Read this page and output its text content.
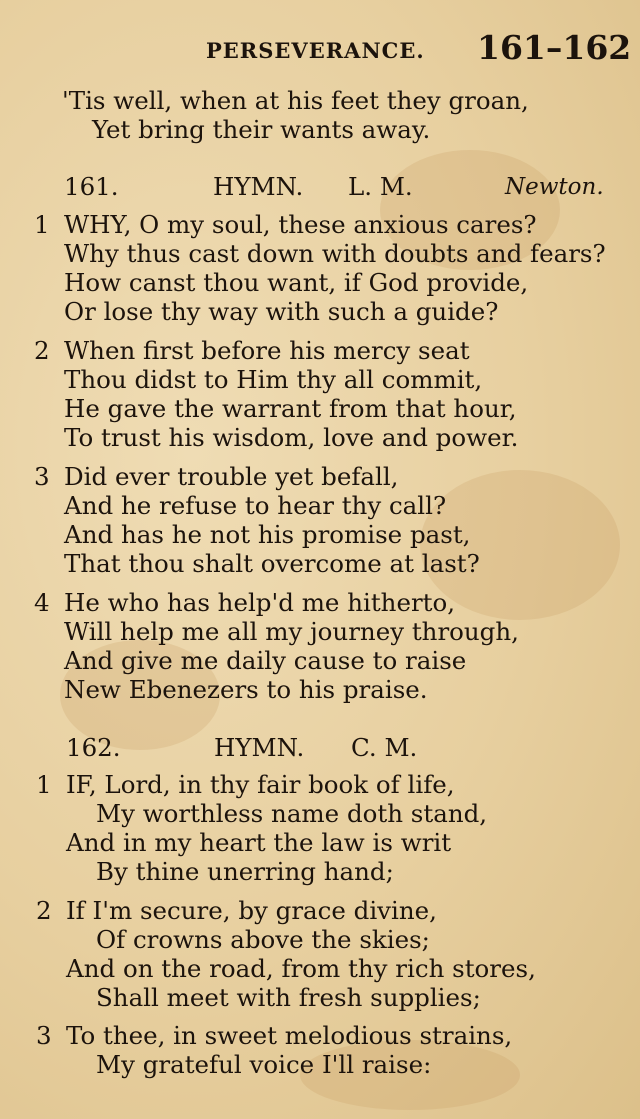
PERSEVERANCE. 161–162
'Tis well, when at his feet they groan,
Yet bring their wants away.
161.	HYMN. L. M.	Newton.
1 WHY, O my soul, these anxious cares?
Why thus cast down with doubts and fears?
How canst thou want, if God provide,
Or lose thy way with such a guide?
2 When first before his mercy seat
Thou didst to Him thy all commit,
He gave the warrant from that hour,
To trust his wisdom, love and power.
3 Did ever trouble yet befall,
And he refuse to hear thy call?
And has he not his promise past,
That thou shalt overcome at last?
4 He who has help'd me hitherto,
Will help me all my journey through,
And give me daily cause to raise
New Ebenezers to his praise.
162.	HYMN. C. M.
1 IF, Lord, in thy fair book of life,
My worthless name doth stand,
And in my heart the law is writ
By thine unerring hand;
2 If I'm secure, by grace divine,
Of crowns above the skies;
And on the road, from thy rich stores,
Shall meet with fresh supplies;
3 To thee, in sweet melodious strains,
My grateful voice I'll raise:
